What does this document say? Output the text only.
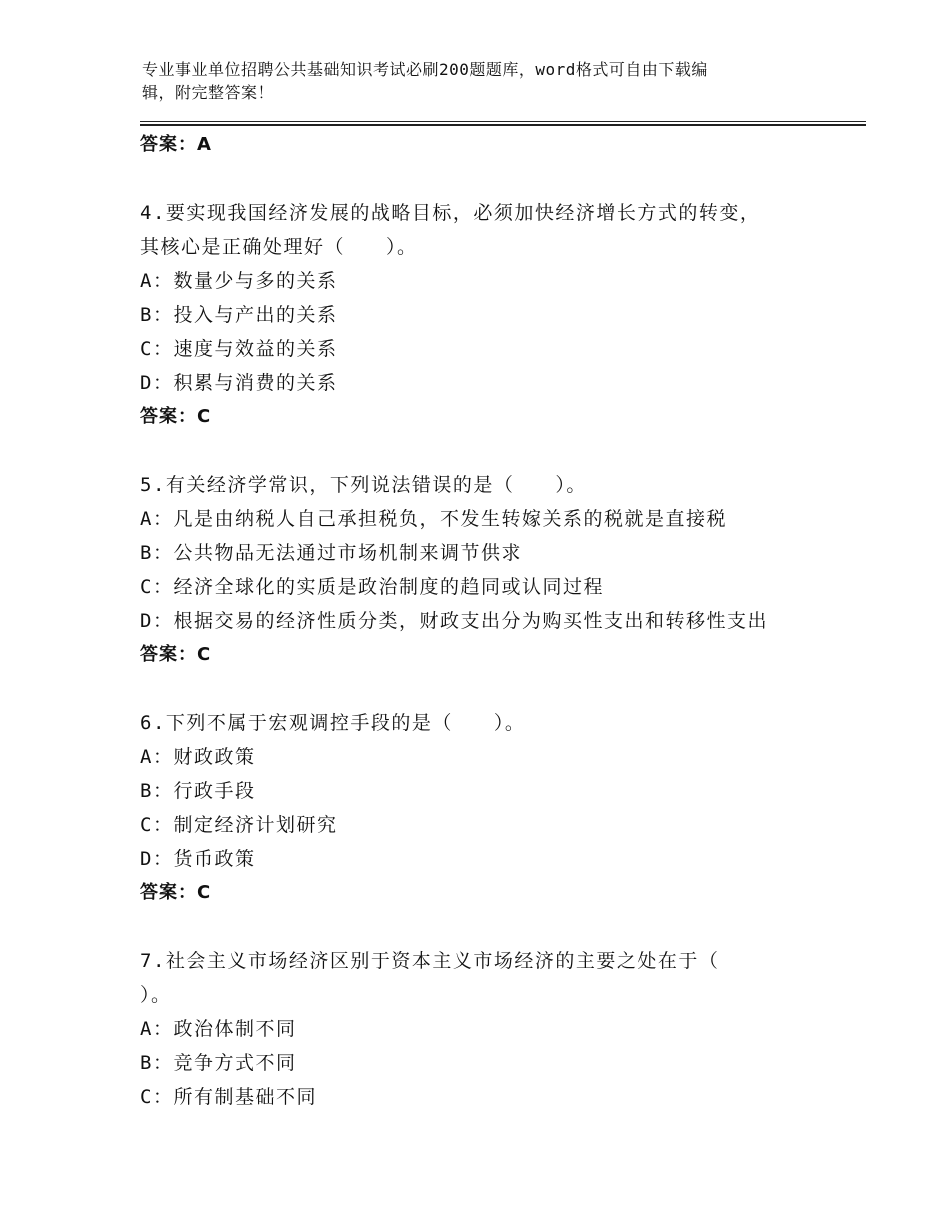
专业事业单位招聘公共基础知识考试必刷200题题库，word格式可自由下载编
辑，附完整答案！
答案：A
4.要实现我国经济发展的战略目标，必须加快经济增长方式的转变，
其核心是正确处理好（　　）。
A：数量少与多的关系
B：投入与产出的关系
C：速度与效益的关系
D：积累与消费的关系
答案：C
5.有关经济学常识，下列说法错误的是（　　）。
A：凡是由纳税人自己承担税负，不发生转嫁关系的税就是直接税
B：公共物品无法通过市场机制来调节供求
C：经济全球化的实质是政治制度的趋同或认同过程
D：根据交易的经济性质分类，财政支出分为购买性支出和转移性支出
答案：C
6.下列不属于宏观调控手段的是（　　）。
A：财政政策
B：行政手段
C：制定经济计划研究
D：货币政策
答案：C
7.社会主义市场经济区别于资本主义市场经济的主要之处在于（
）。
A：政治体制不同
B：竞争方式不同
C：所有制基础不同
